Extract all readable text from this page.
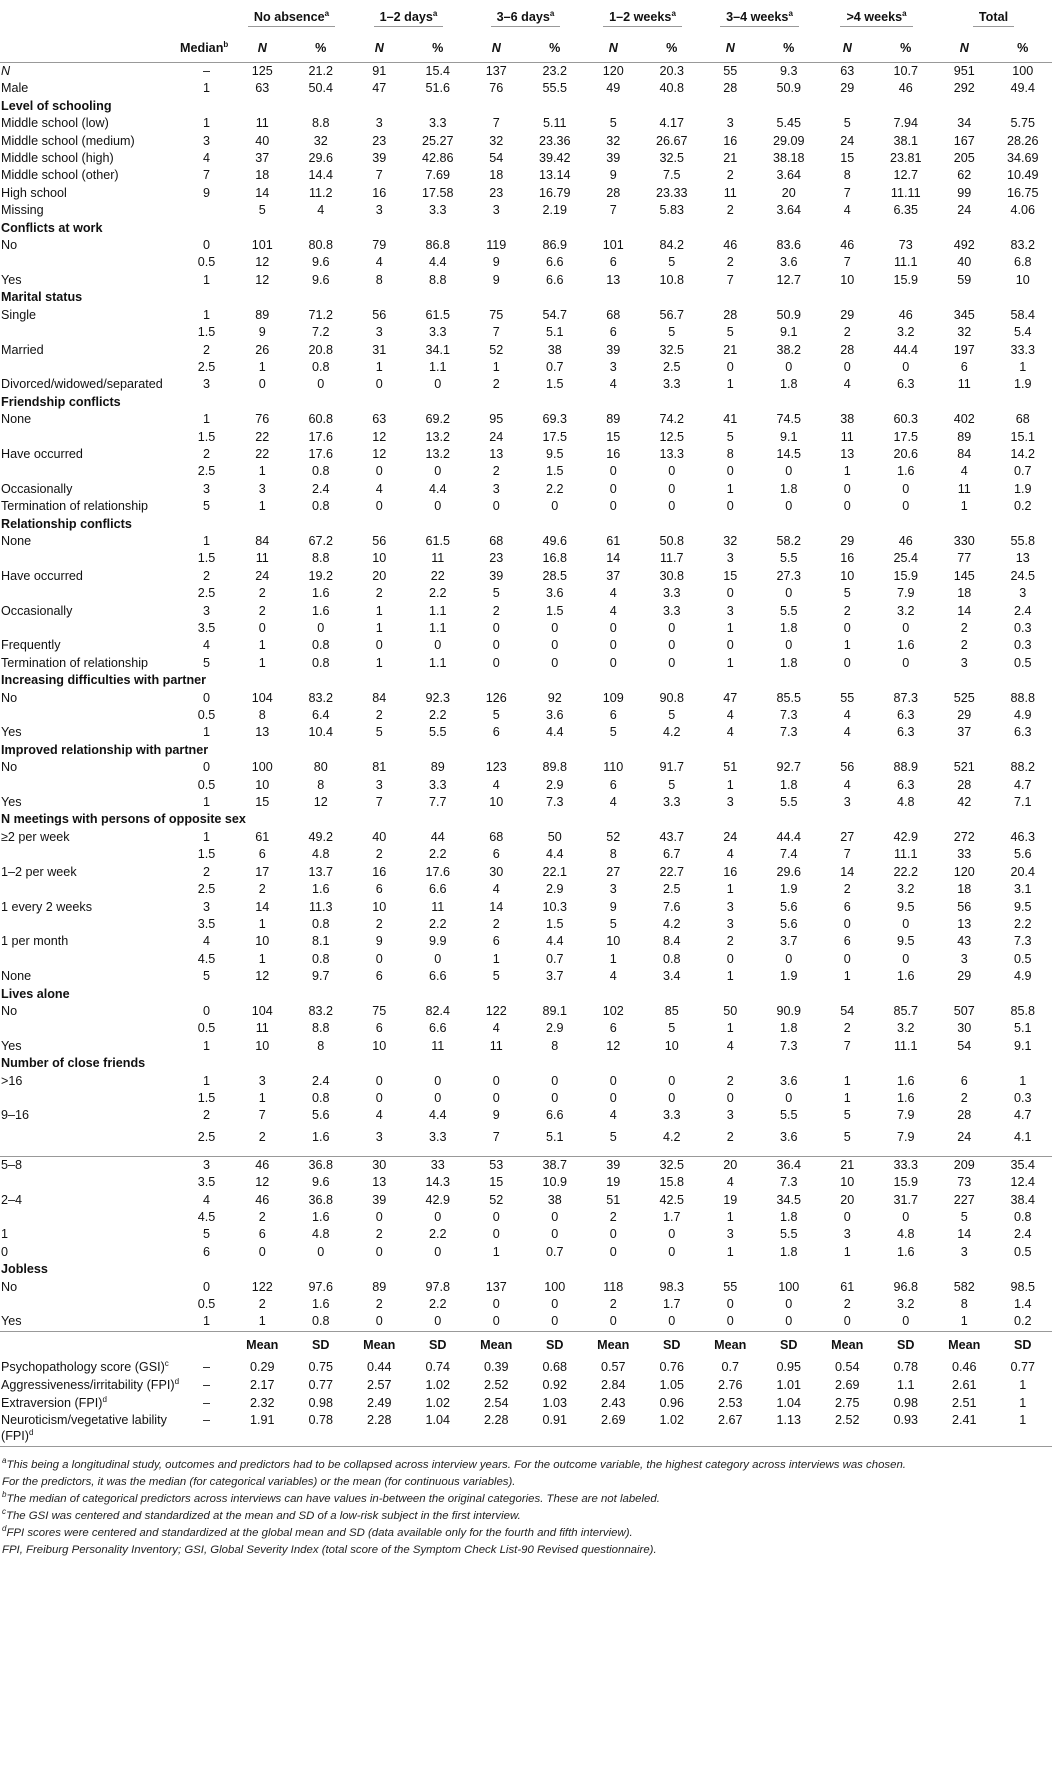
		No absence$^a$		1–2 days$^a$		3–6 days$^a$		1–2 weeks$^a$		3–4 weeks$^a$		>4 weeks$^a$		Total	
	Median$^b$	N	%	N	%	N	%	N	%	N	%	N	%	N	%
N	–	125	21.2	91	15.4	137	23.2	120	20.3	55	9.3	63	10.7	951	100
Male	1	63	50.4	47	51.6	76	55.5	49	40.8	28	50.9	29	46	292	49.4
Level of schooling															
Middle school (low)	1	11	8.8	3	3.3	7	5.11	5	4.17	3	5.45	5	7.94	34	5.75
Middle school (medium)	3	40	32	23	25.27	32	23.36	32	26.67	16	29.09	24	38.1	167	28.26
Middle school (high)	4	37	29.6	39	42.86	54	39.42	39	32.5	21	38.18	15	23.81	205	34.69
Middle school (other)	7	18	14.4	7	7.69	18	13.14	9	7.5	2	3.64	8	12.7	62	10.49
High school	9	14	11.2	16	17.58	23	16.79	28	23.33	11	20	7	11.11	99	16.75
Missing		5	4	3	3.3	3	2.19	7	5.83	2	3.64	4	6.35	24	4.06
Conflicts at work															
No	0	101	80.8	79	86.8	119	86.9	101	84.2	46	83.6	46	73	492	83.2
	0.5	12	9.6	4	4.4	9	6.6	6	5	2	3.6	7	11.1	40	6.8
Yes	1	12	9.6	8	8.8	9	6.6	13	10.8	7	12.7	10	15.9	59	10
Marital status															
Single	1	89	71.2	56	61.5	75	54.7	68	56.7	28	50.9	29	46	345	58.4
	1.5	9	7.2	3	3.3	7	5.1	6	5	5	9.1	2	3.2	32	5.4
Married	2	26	20.8	31	34.1	52	38	39	32.5	21	38.2	28	44.4	197	33.3
	2.5	1	0.8	1	1.1	1	0.7	3	2.5	0	0	0	0	6	1
Divorced/widowed/separated	3	0	0	0	0	2	1.5	4	3.3	1	1.8	4	6.3	11	1.9
Friendship conflicts															
None	1	76	60.8	63	69.2	95	69.3	89	74.2	41	74.5	38	60.3	402	68
	1.5	22	17.6	12	13.2	24	17.5	15	12.5	5	9.1	11	17.5	89	15.1
Have occurred	2	22	17.6	12	13.2	13	9.5	16	13.3	8	14.5	13	20.6	84	14.2
	2.5	1	0.8	0	0	2	1.5	0	0	0	0	1	1.6	4	0.7
Occasionally	3	3	2.4	4	4.4	3	2.2	0	0	1	1.8	0	0	11	1.9
Termination of relationship	5	1	0.8	0	0	0	0	0	0	0	0	0	0	1	0.2
Relationship conflicts															
None	1	84	67.2	56	61.5	68	49.6	61	50.8	32	58.2	29	46	330	55.8
	1.5	11	8.8	10	11	23	16.8	14	11.7	3	5.5	16	25.4	77	13
Have occurred	2	24	19.2	20	22	39	28.5	37	30.8	15	27.3	10	15.9	145	24.5
	2.5	2	1.6	2	2.2	5	3.6	4	3.3	0	0	5	7.9	18	3
Occasionally	3	2	1.6	1	1.1	2	1.5	4	3.3	3	5.5	2	3.2	14	2.4
	3.5	0	0	1	1.1	0	0	0	0	1	1.8	0	0	2	0.3
Frequently	4	1	0.8	0	0	0	0	0	0	0	0	1	1.6	2	0.3
Termination of relationship	5	1	0.8	1	1.1	0	0	0	0	1	1.8	0	0	3	0.5
Increasing difficulties with partner															
No	0	104	83.2	84	92.3	126	92	109	90.8	47	85.5	55	87.3	525	88.8
	0.5	8	6.4	2	2.2	5	3.6	6	5	4	7.3	4	6.3	29	4.9
Yes	1	13	10.4	5	5.5	6	4.4	5	4.2	4	7.3	4	6.3	37	6.3
Improved relationship with partner															
No	0	100	80	81	89	123	89.8	110	91.7	51	92.7	56	88.9	521	88.2
	0.5	10	8	3	3.3	4	2.9	6	5	1	1.8	4	6.3	28	4.7
Yes	1	15	12	7	7.7	10	7.3	4	3.3	3	5.5	3	4.8	42	7.1
N meetings with persons of opposite sex															
≥2 per week	1	61	49.2	40	44	68	50	52	43.7	24	44.4	27	42.9	272	46.3
	1.5	6	4.8	2	2.2	6	4.4	8	6.7	4	7.4	7	11.1	33	5.6
1–2 per week	2	17	13.7	16	17.6	30	22.1	27	22.7	16	29.6	14	22.2	120	20.4
	2.5	2	1.6	6	6.6	4	2.9	3	2.5	1	1.9	2	3.2	18	3.1
1 every 2 weeks	3	14	11.3	10	11	14	10.3	9	7.6	3	5.6	6	9.5	56	9.5
	3.5	1	0.8	2	2.2	2	1.5	5	4.2	3	5.6	0	0	13	2.2
1 per month	4	10	8.1	9	9.9	6	4.4	10	8.4	2	3.7	6	9.5	43	7.3
	4.5	1	0.8	0	0	1	0.7	1	0.8	0	0	0	0	3	0.5
None	5	12	9.7	6	6.6	5	3.7	4	3.4	1	1.9	1	1.6	29	4.9
Lives alone															
No	0	104	83.2	75	82.4	122	89.1	102	85	50	90.9	54	85.7	507	85.8
	0.5	11	8.8	6	6.6	4	2.9	6	5	1	1.8	2	3.2	30	5.1
Yes	1	10	8	10	11	11	8	12	10	4	7.3	7	11.1	54	9.1
Number of close friends															
>16	1	3	2.4	0	0	0	0	0	0	2	3.6	1	1.6	6	1
	1.5	1	0.8	0	0	0	0	0	0	0	0	1	1.6	2	0.3
9–16	2	7	5.6	4	4.4	9	6.6	4	3.3	3	5.5	5	7.9	28	4.7
	2.5	2	1.6	3	3.3	7	5.1	5	4.2	2	3.6	5	7.9	24	4.1
5–8	3	46	36.8	30	33	53	38.7	39	32.5	20	36.4	21	33.3	209	35.4
	3.5	12	9.6	13	14.3	15	10.9	19	15.8	4	7.3	10	15.9	73	12.4
2–4	4	46	36.8	39	42.9	52	38	51	42.5	19	34.5	20	31.7	227	38.4
	4.5	2	1.6	0	0	0	0	2	1.7	1	1.8	0	0	5	0.8
1	5	6	4.8	2	2.2	0	0	0	0	3	5.5	3	4.8	14	2.4
0	6	0	0	0	0	1	0.7	0	0	1	1.8	1	1.6	3	0.5
Jobless															
No	0	122	97.6	89	97.8	137	100	118	98.3	55	100	61	96.8	582	98.5
	0.5	2	1.6	2	2.2	0	0	2	1.7	0	0	2	3.2	8	1.4
Yes	1	1	0.8	0	0	0	0	0	0	0	0	0	0	1	0.2
		Mean	SD	Mean	SD	Mean	SD	Mean	SD	Mean	SD	Mean	SD	Mean	SD
Psychopathology score (GSI)$^c$	–	0.29	0.75	0.44	0.74	0.39	0.68	0.57	0.76	0.7	0.95	0.54	0.78	0.46	0.77
Aggressiveness/irritability (FPI)$^d$	–	2.17	0.77	2.57	1.02	2.52	0.92	2.84	1.05	2.76	1.01	2.69	1.1	2.61	1
Extraversion (FPI)$^d$	–	2.32	0.98	2.49	1.02	2.54	1.03	2.43	0.96	2.53	1.04	2.75	0.98	2.51	1
Neuroticism/vegetative lability (FPI)$^d$	–	1.91	0.78	2.28	1.04	2.28	0.91	2.69	1.02	2.67	1.13	2.52	0.93	2.41	1
$^a$This being a longitudinal study, outcomes and predictors had to be collapsed across interview years. For the outcome variable, the highest category across interviews was chosen.
For the predictors, it was the median (for categorical variables) or the mean (for continuous variables).
$^b$The median of categorical predictors across interviews can have values in-between the original categories. These are not labeled.
$^c$The GSI was centered and standardized at the mean and SD of a low-risk subject in the first interview.
$^d$FPI scores were centered and standardized at the global mean and SD (data available only for the fourth and fifth interview).
FPI, Freiburg Personality Inventory; GSI, Global Severity Index (total score of the Symptom Check List-90 Revised questionnaire).
